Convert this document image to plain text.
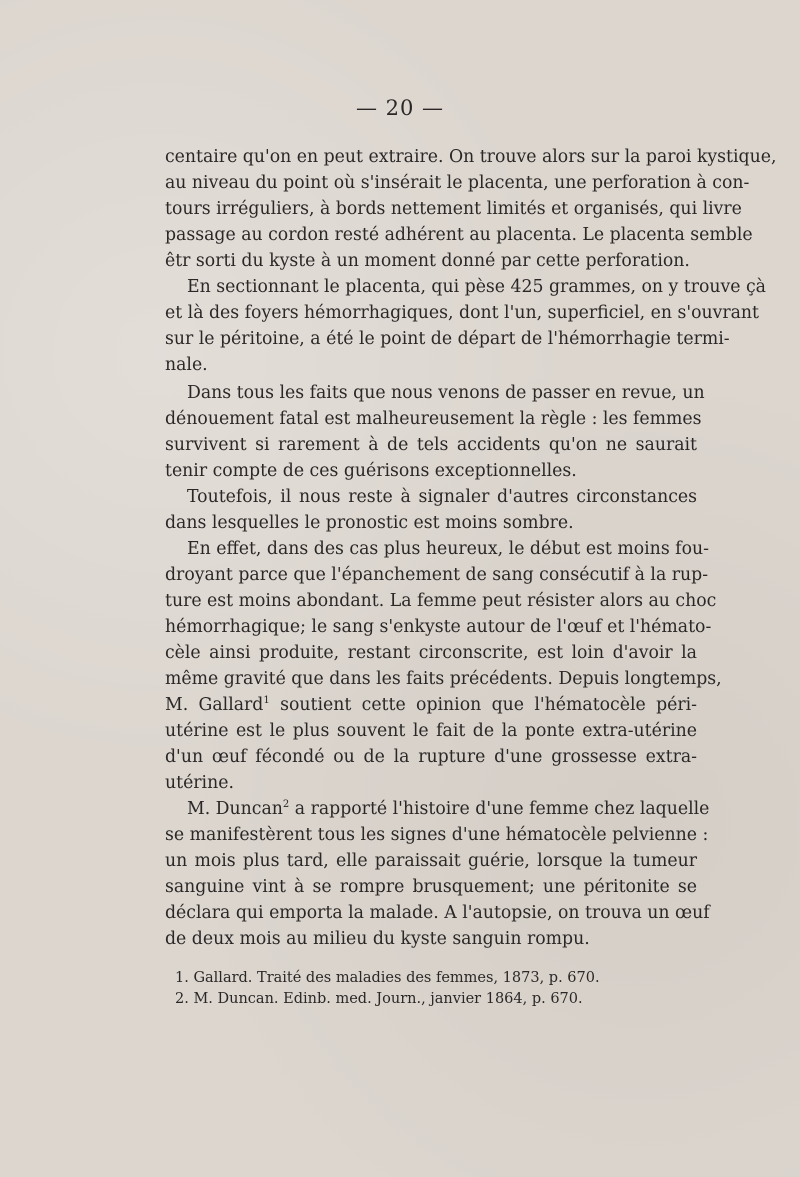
— 20 —
centaire qu'on en peut extraire. On trouve alors sur la paroi kystique,
au niveau du point où s'insérait le placenta, une perforation à con-
tours irréguliers, à bords nettement limités et organisés, qui livre
passage au cordon resté adhérent au placenta. Le placenta semble
êtr sorti du kyste à un moment donné par cette perforation.
En sectionnant le placenta, qui pèse 425 grammes, on y trouve çà
et là des foyers hémorrhagiques, dont l'un, superficiel, en s'ouvrant
sur le péritoine, a été le point de départ de l'hémorrhagie termi-
nale.
Dans tous les faits que nous venons de passer en revue, un
dénouement fatal est malheureusement la règle : les femmes
survivent si rarement à de tels accidents qu'on ne saurait
tenir compte de ces guérisons exceptionnelles.
Toutefois, il nous reste à signaler d'autres circonstances
dans lesquelles le pronostic est moins sombre.
En effet, dans des cas plus heureux, le début est moins fou-
droyant parce que l'épanchement de sang consécutif à la rup-
ture est moins abondant. La femme peut résister alors au choc
hémorrhagique; le sang s'enkyste autour de l'œuf et l'hémato-
cèle ainsi produite, restant circonscrite, est loin d'avoir la
même gravité que dans les faits précédents. Depuis longtemps,
M. Gallard$^1$ soutient cette opinion que l'hématocèle péri-
utérine est le plus souvent le fait de la ponte extra-utérine
d'un œuf fécondé ou de la rupture d'une grossesse extra-
utérine.
M. Duncan$^2$ a rapporté l'histoire d'une femme chez laquelle
se manifestèrent tous les signes d'une hématocèle pelvienne :
un mois plus tard, elle paraissait guérie, lorsque la tumeur
sanguine vint à se rompre brusquement; une péritonite se
déclara qui emporta la malade. A l'autopsie, on trouva un œuf
de deux mois au milieu du kyste sanguin rompu.
1. Gallard. Traité des maladies des femmes, 1873, p. 670.
2. M. Duncan. Edinb. med. Journ., janvier 1864, p. 670.
